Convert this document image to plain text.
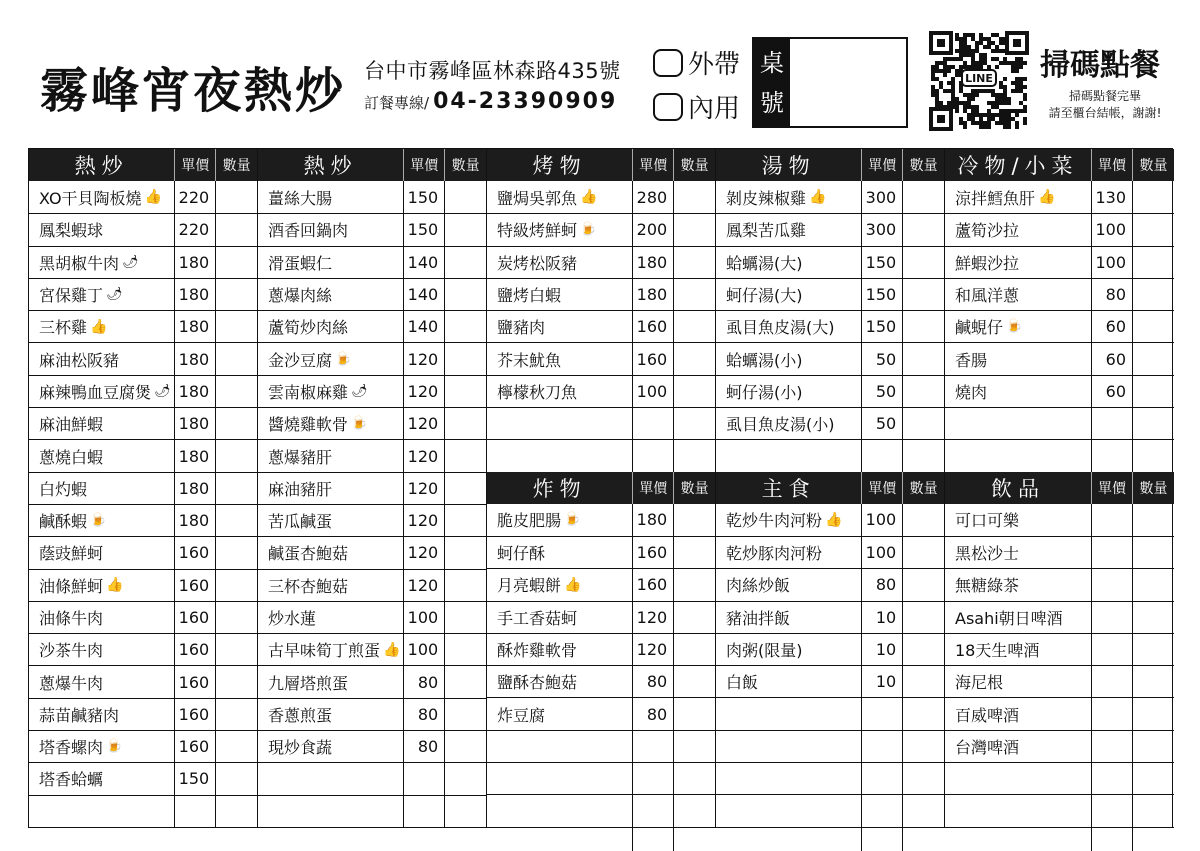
霧峰宵夜熱炒 台中市霧峰區林森路435號
訂餐專線/ 04-23390909
外帶
內用
桌
號
LINE 掃碼點餐
掃碼點餐完畢
請至櫃台結帳，謝謝!
熱炒	單價 數量
XO干貝陶板燒 👍 220
鳳梨蝦球	220
黑胡椒牛肉 🌶	180
宮保雞丁 🌶	180
三杯雞 👍	180
麻油松阪豬	180
麻辣鴨血豆腐煲 🌶 180
麻油鮮蝦	180
蔥燒白蝦	180
白灼蝦	180
鹹酥蝦 🍺	180
蔭豉鮮蚵	160
油條鮮蚵 👍	160
油條牛肉	160
沙茶牛肉	160
蔥爆牛肉	160
蒜苗鹹豬肉	160
塔香螺肉 🍺	160
塔香蛤蠣	150
熱炒	單價 數量
薑絲大腸	150
酒香回鍋肉	150
滑蛋蝦仁	140
蔥爆肉絲	140
蘆筍炒肉絲	140
金沙豆腐 🍺	120
雲南椒麻雞 🌶	120
醬燒雞軟骨 🍺	120
蔥爆豬肝	120
麻油豬肝	120
苦瓜鹹蛋	120
鹹蛋杏鮑菇	120
三杯杏鮑菇	120
炒水蓮	100
古早味筍丁煎蛋 👍 100
九層塔煎蛋	80
香蔥煎蛋	80
現炒食蔬	80
烤物	單價 數量
鹽焗吳郭魚 👍 280
特級烤鮮蚵 🍺	200
炭烤松阪豬	180
鹽烤白蝦	180
鹽豬肉	160
芥末魷魚	160
檸檬秋刀魚	100
炸物	單價 數量
脆皮肥腸 🍺	180
蚵仔酥	160
月亮蝦餅 👍	160
手工香菇蚵	120
酥炸雞軟骨	120
鹽酥杏鮑菇	80
炸豆腐	80
湯物	單價 數量
剝皮辣椒雞 👍 300
鳳梨苦瓜雞	300
蛤蠣湯(大)	150
蚵仔湯(大)	150
虱目魚皮湯(大) 150
蛤蠣湯(小)	50
蚵仔湯(小)	50
虱目魚皮湯(小)	50
主食	單價 數量
乾炒牛肉河粉 👍 100
乾炒豚肉河粉	100
肉絲炒飯	80
豬油拌飯	10
肉粥(限量)	10
白飯	10
冷物/小菜	單價 數量
涼拌鱈魚肝 👍	130
蘆筍沙拉	100
鮮蝦沙拉	100
和風洋蔥	80
鹹蜆仔 🍺	60
香腸	60
燒肉	60
飲品	單價 數量
可口可樂
黑松沙士
無糖綠茶
Asahi朝日啤酒
18天生啤酒
海尼根
百威啤酒
台灣啤酒
